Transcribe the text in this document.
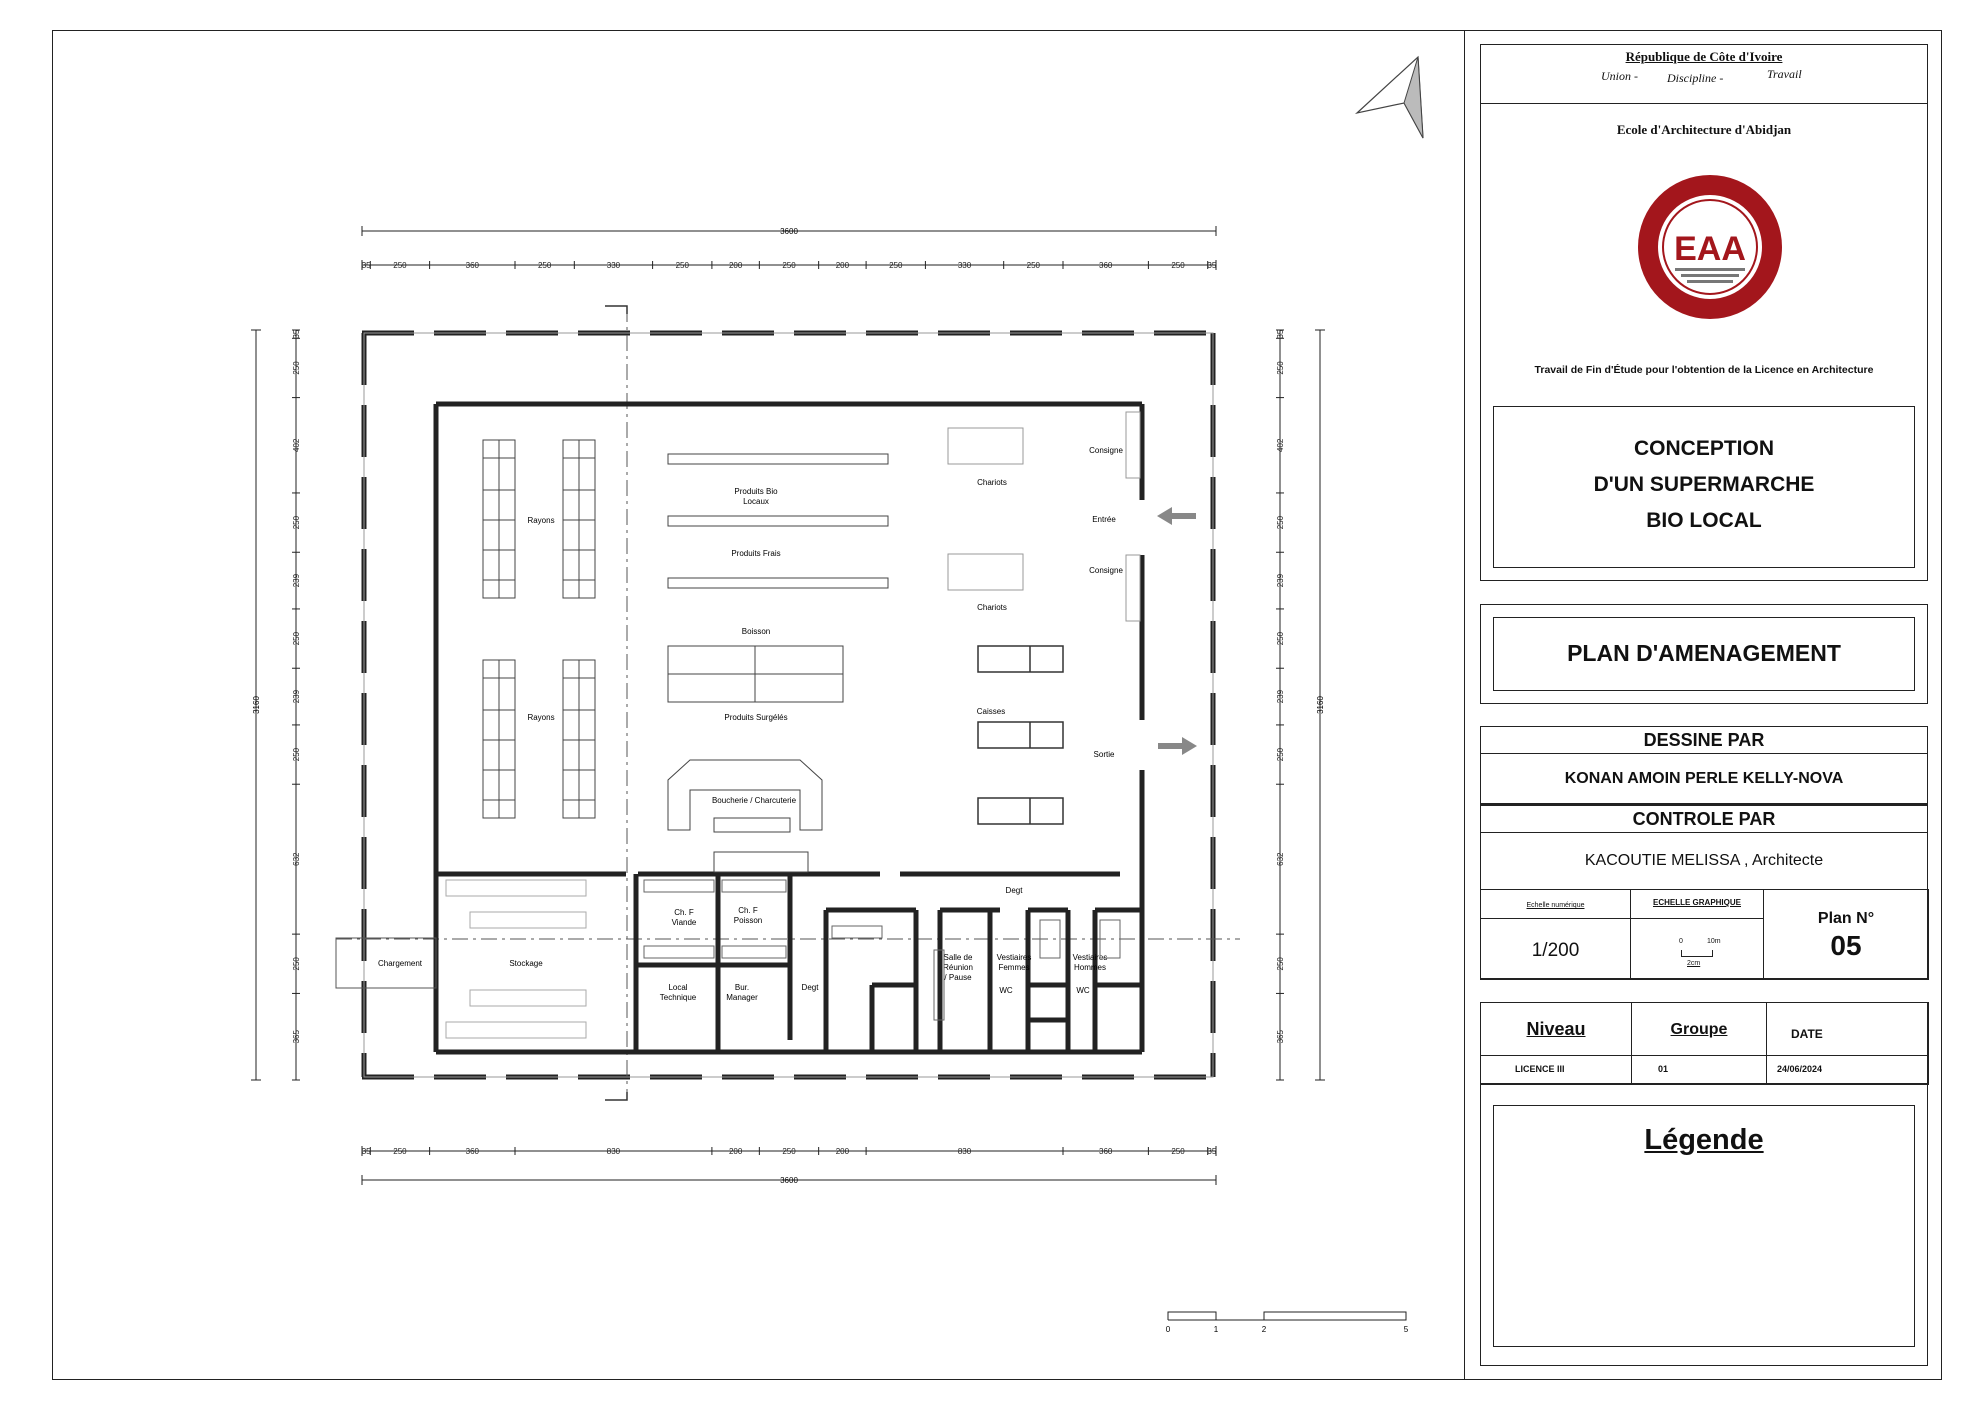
3600
35	250	360	250	330	250	200	250	200	250	330	250	360	250	35
3600
35	250	360	830	200	250	200	830	360	250	35
3160	3160
35
250
402
250
239
250
239
250
632
250
365
35
250
402
250
239
250
239
250
632
250
365
Rayons
Rayons
Produits Bio
Locaux
Produits Frais
Boisson
Produits Surgélés
Boucherie / Charcuterie
Chariots
Chariots
Consigne
Consigne
Entrée
Caisses
Sortie
Chargement	Stockage
Ch. F
Viande
Ch. F
Poisson
Local
Technique
Bur.
Manager
Degt
Degt
Salle de
Réunion
/ Pause
Vestiaires
Femmes
Vestiaires
Hommes
WC	WC
0	1	2	5
République de Côte d'Ivoire
Union - Discipline -	Travail
Ecole d'Architecture d'Abidjan
EAA
Travail de Fin d'Étude pour l'obtention de la Licence en Architecture
CONCEPTION
D'UN SUPERMARCHE
BIO LOCAL
PLAN D'AMENAGEMENT
DESSINE PAR
KONAN AMOIN PERLE KELLY-NOVA
CONTROLE PAR
KACOUTIE MELISSA , Architecte
Echelle numérique
1/200
ECHELLE GRAPHIQUE
0	10m
2cm
Plan N°
05
Niveau	Groupe	DATE
LICENCE III	01	24/06/2024
Légende
